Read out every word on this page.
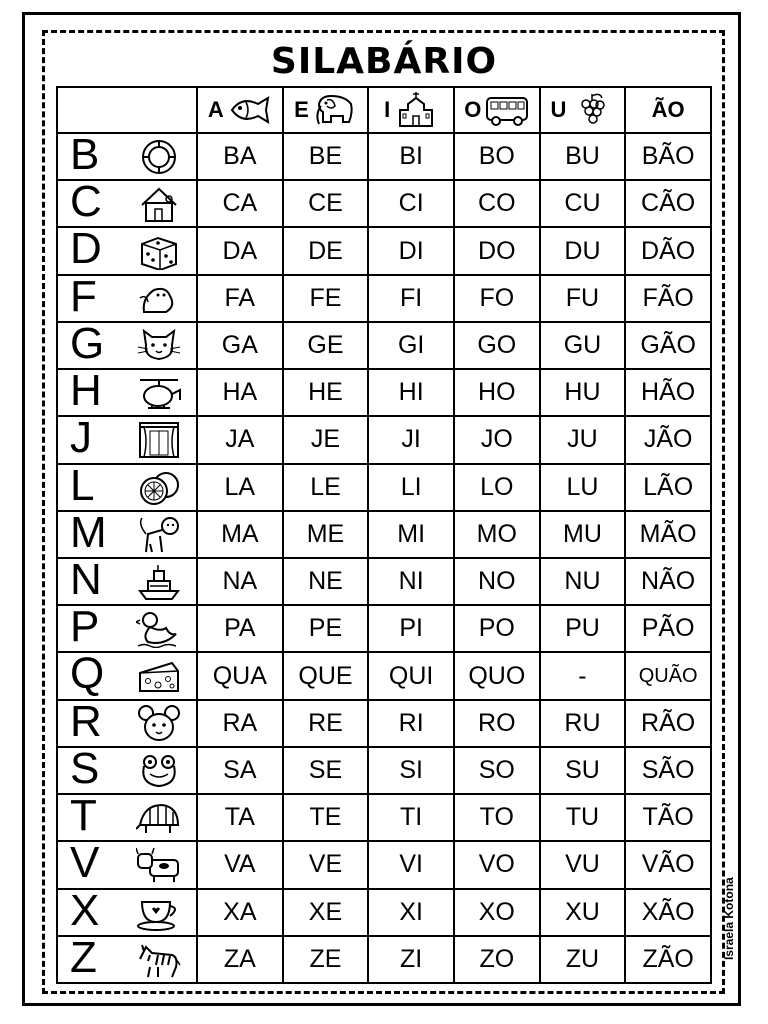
SILABÁRIO

	A	E	I	O	U	ÃO

B	BA	BE	BI	BO	BU	BÃO

C	CA	CE	CI	CO	CU	CÃO

D	DA	DE	DI	DO	DU	DÃO

F	FA	FE	FI	FO	FU	FÃO

G	GA	GE	GI	GO	GU	GÃO

H	HA	HE	HI	HO	HU	HÃO

J	JA	JE	JI	JO	JU	JÃO

L	LA	LE	LI	LO	LU	LÃO

M	MA	ME	MI	MO	MU	MÃO

N	NA	NE	NI	NO	NU	NÃO

P	PA	PE	PI	PO	PU	PÃO

Q	QUA	QUE	QUI	QUO	-	QUÃO

R	RA	RE	RI	RO	RU	RÃO

S	SA	SE	SI	SO	SU	SÃO

T	TA	TE	TI	TO	TU	TÃO

V	VA	VE	VI	VO	VU	VÃO

X	XA	XE	XI	XO	XU	XÃO

Z	ZA	ZE	ZI	ZO	ZU	ZÃO Israela Kotona
